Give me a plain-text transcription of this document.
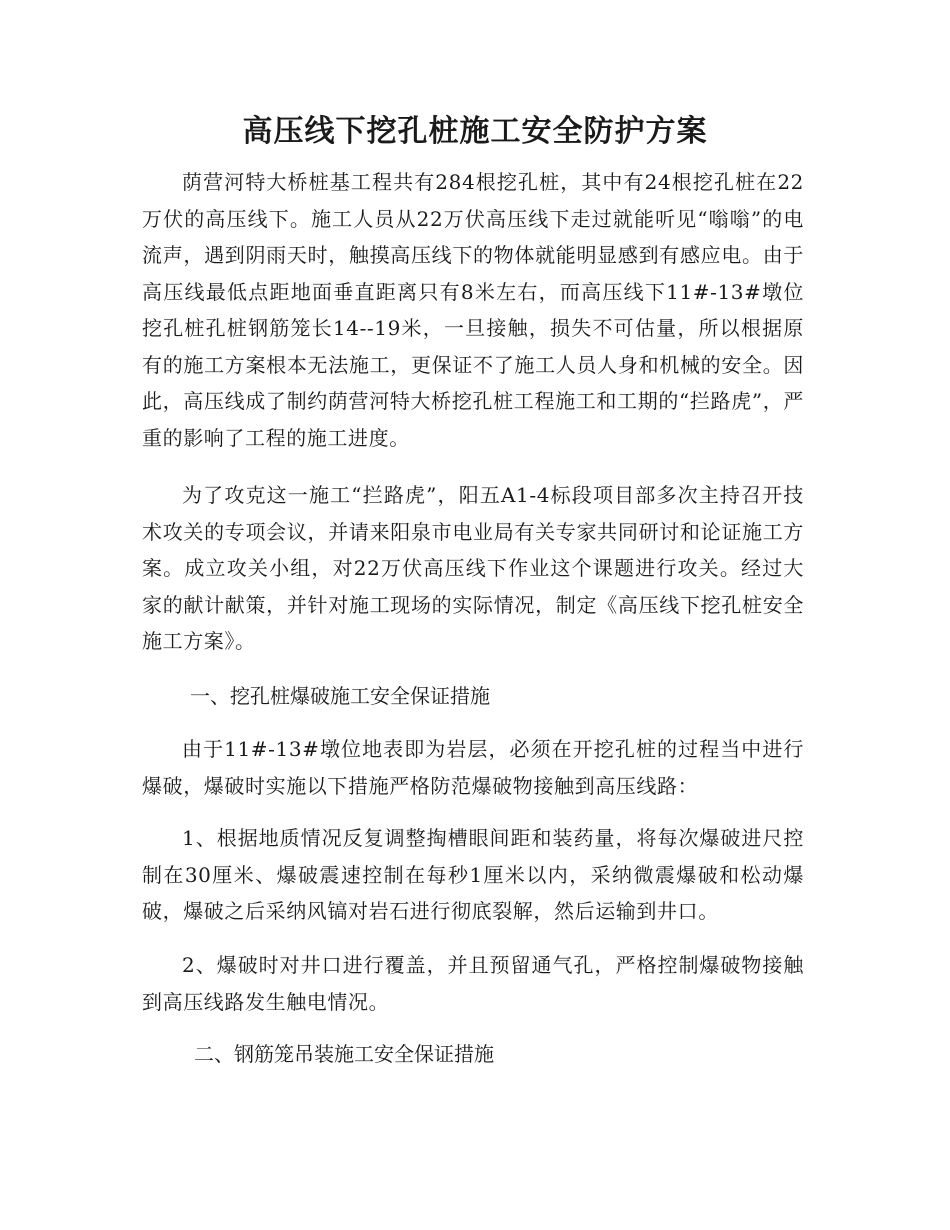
高压线下挖孔桩施工安全防护方案

荫营河特大桥桩基工程共有284根挖孔桩，其中有24根挖孔桩在22万伏的高压线下。施工人员从22万伏高压线下走过就能听见“嗡嗡”的电流声，遇到阴雨天时，触摸高压线下的物体就能明显感到有感应电。由于高压线最低点距地面垂直距离只有8米左右，而高压线下11#-13#墩位挖孔桩孔桩钢筋笼长14--19米，一旦接触，损失不可估量，所以根据原有的施工方案根本无法施工，更保证不了施工人员人身和机械的安全。因此，高压线成了制约荫营河特大桥挖孔桩工程施工和工期的“拦路虎”，严重的影响了工程的施工进度。

为了攻克这一施工“拦路虎”，阳五A1-4标段项目部多次主持召开技术攻关的专项会议，并请来阳泉市电业局有关专家共同研讨和论证施工方案。成立攻关小组，对22万伏高压线下作业这个课题进行攻关。经过大家的献计献策，并针对施工现场的实际情况，制定《高压线下挖孔桩安全施工方案》。

一、挖孔桩爆破施工安全保证措施

由于11#-13#墩位地表即为岩层，必须在开挖孔桩的过程当中进行爆破，爆破时实施以下措施严格防范爆破物接触到高压线路：

1、根据地质情况反复调整掏槽眼间距和装药量，将每次爆破进尺控制在30厘米、爆破震速控制在每秒1厘米以内，采纳微震爆破和松动爆破，爆破之后采纳风镐对岩石进行彻底裂解，然后运输到井口。

2、爆破时对井口进行覆盖，并且预留通气孔，严格控制爆破物接触到高压线路发生触电情况。

二、钢筋笼吊装施工安全保证措施
